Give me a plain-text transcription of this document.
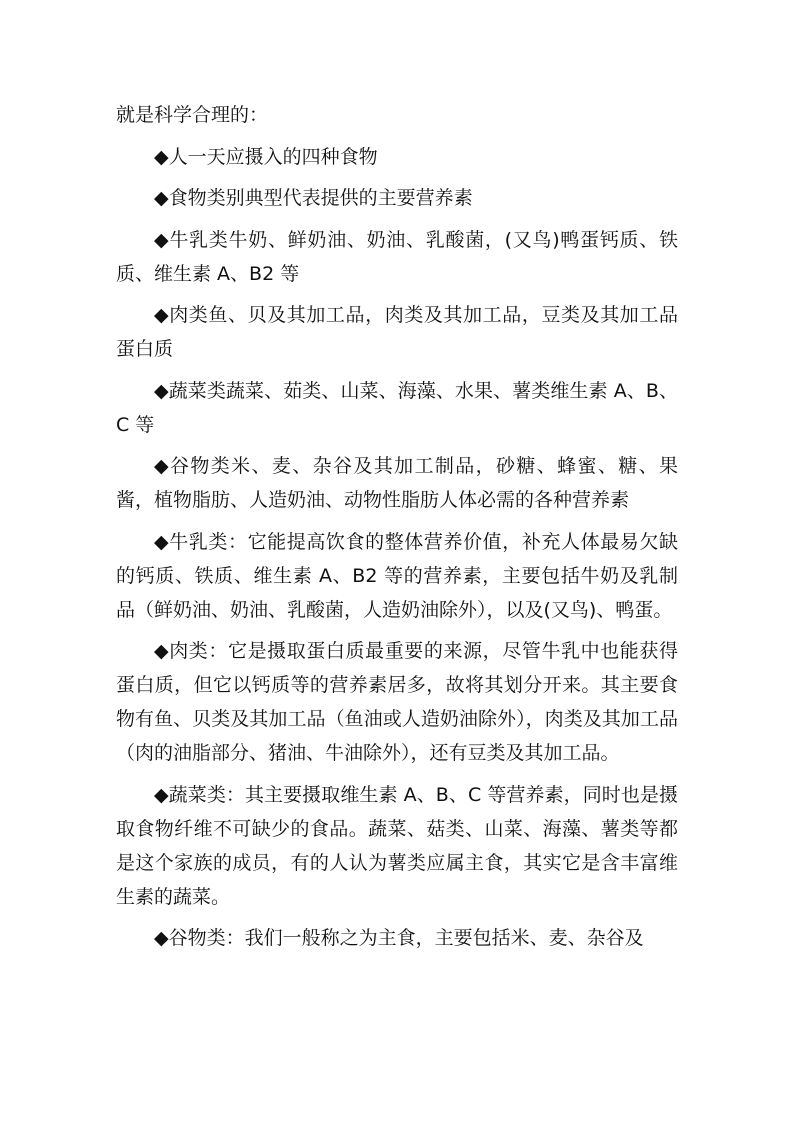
就是科学合理的：

◆人一天应摄入的四种食物

◆食物类别典型代表提供的主要营养素

◆牛乳类牛奶、鲜奶油、奶油、乳酸菌，(又鸟)鸭蛋钙质、铁质、维生素 A、B2 等

◆肉类鱼、贝及其加工品，肉类及其加工品，豆类及其加工品蛋白质

◆蔬菜类蔬菜、茹类、山菜、海藻、水果、薯类维生素 A、B、C 等

◆谷物类米、麦、杂谷及其加工制品，砂糖、蜂蜜、糖、果酱，植物脂肪、人造奶油、动物性脂肪人体必需的各种营养素

◆牛乳类：它能提高饮食的整体营养价值，补充人体最易欠缺的钙质、铁质、维生素 A、B2 等的营养素，主要包括牛奶及乳制品（鲜奶油、奶油、乳酸菌，人造奶油除外），以及(又鸟)、鸭蛋。

◆肉类：它是摄取蛋白质最重要的来源，尽管牛乳中也能获得蛋白质，但它以钙质等的营养素居多，故将其划分开来。其主要食物有鱼、贝类及其加工品（鱼油或人造奶油除外），肉类及其加工品（肉的油脂部分、猪油、牛油除外），还有豆类及其加工品。

◆蔬菜类：其主要摄取维生素 A、B、C 等营养素，同时也是摄取食物纤维不可缺少的食品。蔬菜、菇类、山菜、海藻、薯类等都是这个家族的成员，有的人认为薯类应属主食，其实它是含丰富维生素的蔬菜。

◆谷物类：我们一般称之为主食，主要包括米、麦、杂谷及
